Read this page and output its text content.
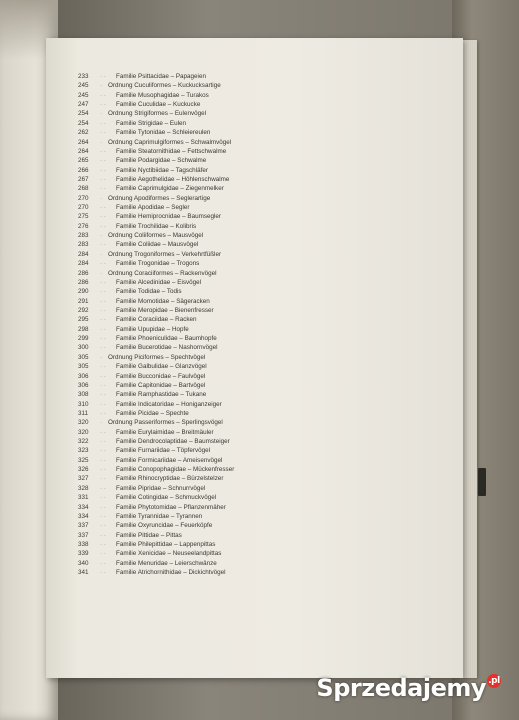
233	· · Familie Psittacidae – Papageien
245	· Ordnung Cuculiformes – Kuckucksartige
245	· · Familie Musophagidae – Turakos
247	· · Familie Cuculidae – Kuckucke
254	· Ordnung Strigiformes – Eulenvögel
254	· · Familie Strigidae – Eulen
262	· · Familie Tytonidae – Schleiereulen
264	· Ordnung Caprimulgiformes – Schwalmvögel
264	· · Familie Steatornithidae – Fettschwalme
265	· · Familie Podargidae – Schwalme
266	· · Familie Nyctibiidae – Tagschläfer
267	· · Familie Aegothelidae – Höhlenschwalme
268	· · Familie Caprimulgidae – Ziegenmelker
270	· Ordnung Apodiformes – Seglerartige
270	· · Familie Apodidae – Segler
275	· · Familie Hemiprocnidae – Baumsegler
276	· · Familie Trochilidae – Kolibris
283	· Ordnung Coliiformes – Mausvögel
283	· · Familie Coliidae – Mausvögel
284	· Ordnung Trogoniformes – Verkehrtfüßler
284	· · Familie Trogonidae – Trogons
286	· Ordnung Coraciiformes – Rackenvögel
286	· · Familie Alcedinidae – Eisvögel
290	· · Familie Todidae – Todis
291	· · Familie Momotidae – Sägeracken
292	· · Familie Meropidae – Bienenfresser
295	· · Familie Coraciidae – Racken
298	· · Familie Upupidae – Hopfe
299	· · Familie Phoeniculidae – Baumhopfe
300	· · Familie Bucerotidae – Nashornvögel
305	· Ordnung Piciformes – Spechtvögel
305	· · Familie Galbulidae – Glanzvögel
306	· · Familie Bucconidae – Faulvögel
306	· · Familie Capitonidae – Bartvögel
308	· · Familie Ramphastidae – Tukane
310	· · Familie Indicatoridae – Honiganzeiger
311	· · Familie Picidae – Spechte
320	· Ordnung Passeriformes – Sperlingsvögel
320	· · Familie Eurylaimidae – Breitmäuler
322	· · Familie Dendrocolaptidae – Baumsteiger
323	· · Familie Furnariidae – Töpfervögel
325	· · Familie Formicariidae – Ameisenvögel
326	· · Familie Conopophagidae – Mückenfresser
327	· · Familie Rhinocryptidae – Bürzelstelzer
328	· · Familie Pipridae – Schnurrvögel
331	· · Familie Cotingidae – Schmuckvögel
334	· · Familie Phytotomidae – Pflanzenmäher
334	· · Familie Tyrannidae – Tyrannen
337	· · Familie Oxyruncidae – Feuerköpfe
337	· · Familie Pittidae – Pittas
338	· · Familie Philepittidae – Lappenpittas
339	· · Familie Xenicidae – Neuseelandpittas
340	· · Familie Menuridae – Leierschwänze
341	· · Familie Atrichornithidae – Dickichtvögel
Sprzedajemy .pl
